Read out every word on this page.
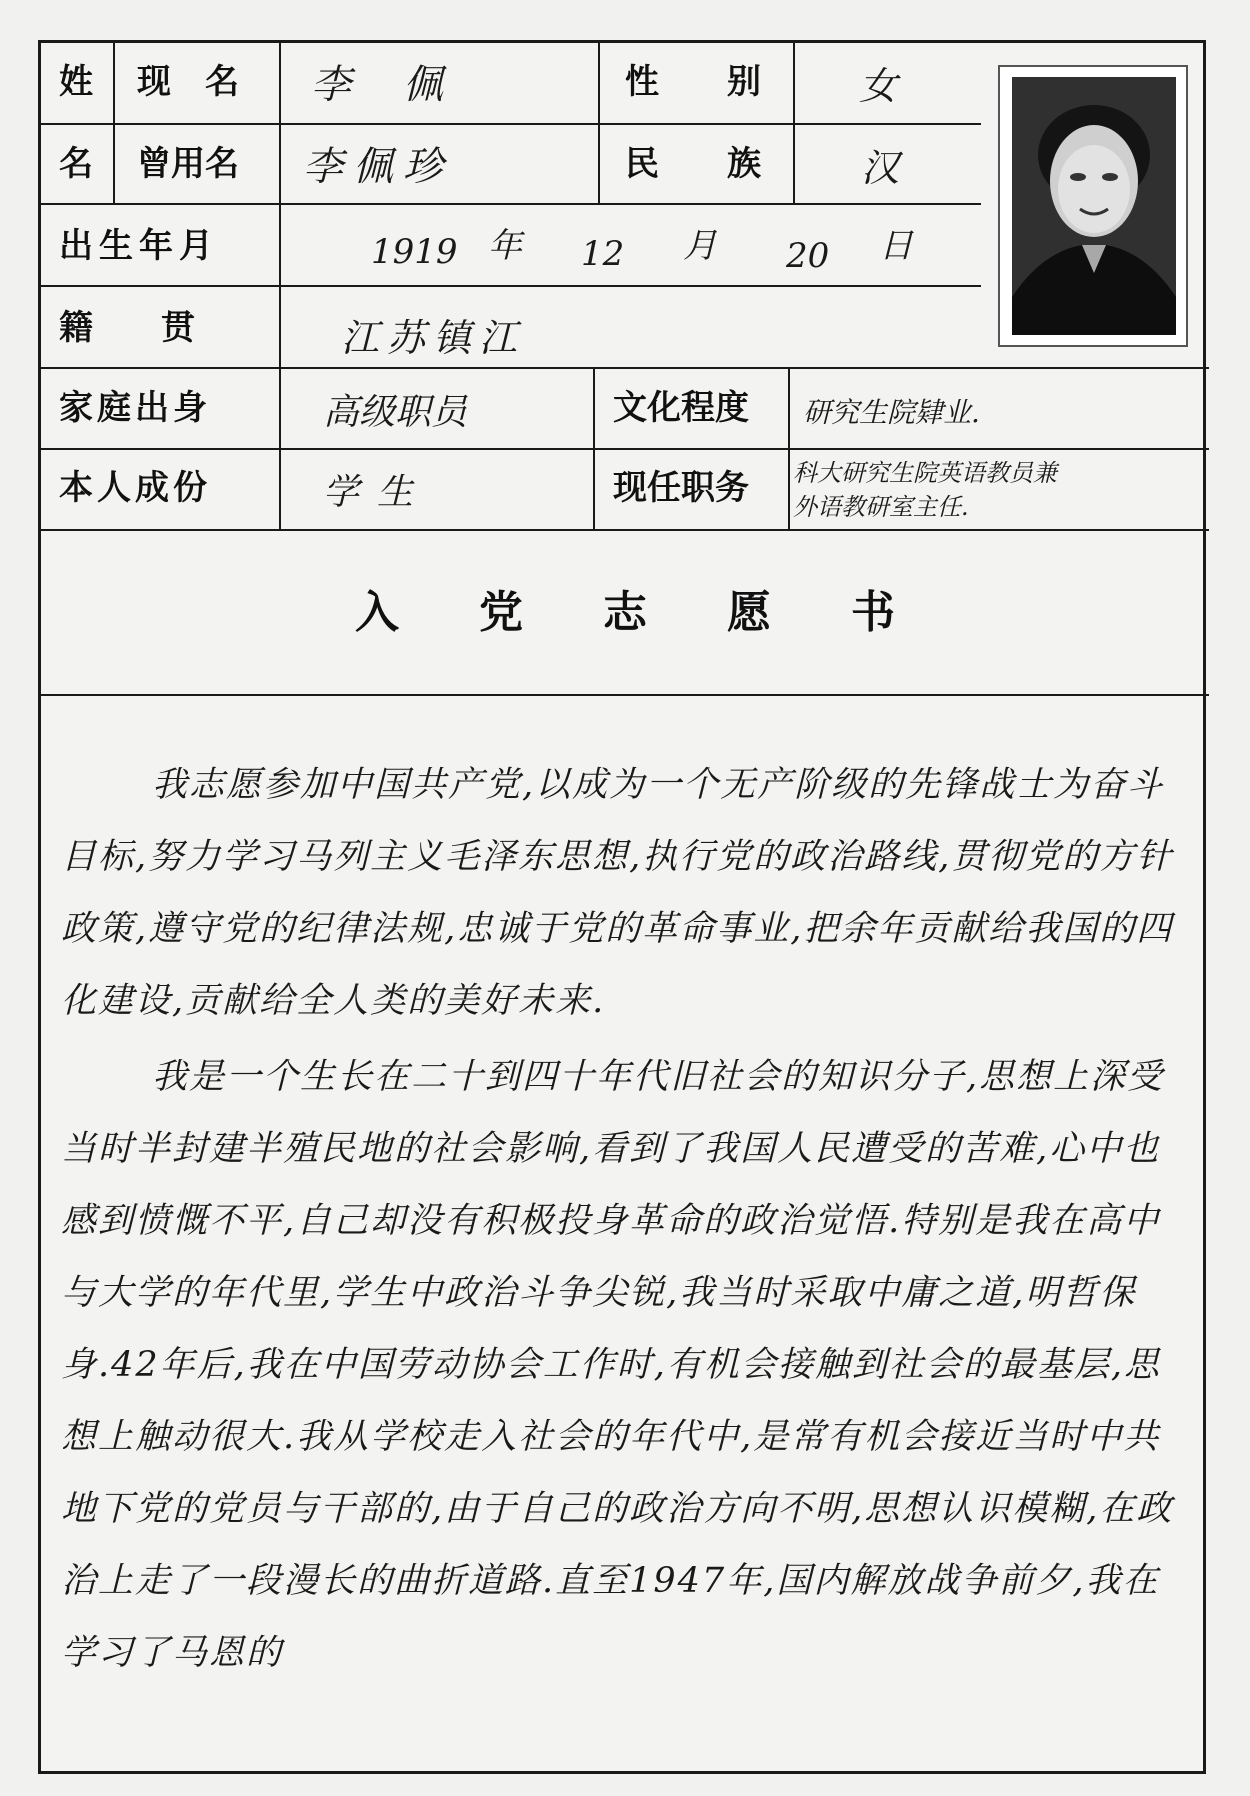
姓
名
现　名 李　佩	性　　别	女
曾用名 李佩珍	民　　族	汉
出生年月	1919 年 12 月 20 日
籍　　贯	江苏镇江
家庭出身	高级职员	文化程度 研究生院肄业.
本人成份	学生	现任职务 科大研究生院英语教员兼
外语教研室主任.
入 党 志 愿 书

我志愿参加中国共产党,以成为一个无产阶级的先锋战士为奋斗目标,努力学习马列主义毛泽东思想,执行党的政治路线,贯彻党的方针政策,遵守党的纪律法规,忠诚于党的革命事业,把余年贡献给我国的四化建设,贡献给全人类的美好未来.

我是一个生长在二十到四十年代旧社会的知识分子,思想上深受当时半封建半殖民地的社会影响,看到了我国人民遭受的苦难,心中也感到愤慨不平,自己却没有积极投身革命的政治觉悟.特别是我在高中与大学的年代里,学生中政治斗争尖锐,我当时采取中庸之道,明哲保身.42年后,我在中国劳动协会工作时,有机会接触到社会的最基层,思想上触动很大.我从学校走入社会的年代中,是常有机会接近当时中共地下党的党员与干部的,由于自己的政治方向不明,思想认识模糊,在政治上走了一段漫长的曲折道路.直至1947年,国内解放战争前夕,我在学习了马恩的
